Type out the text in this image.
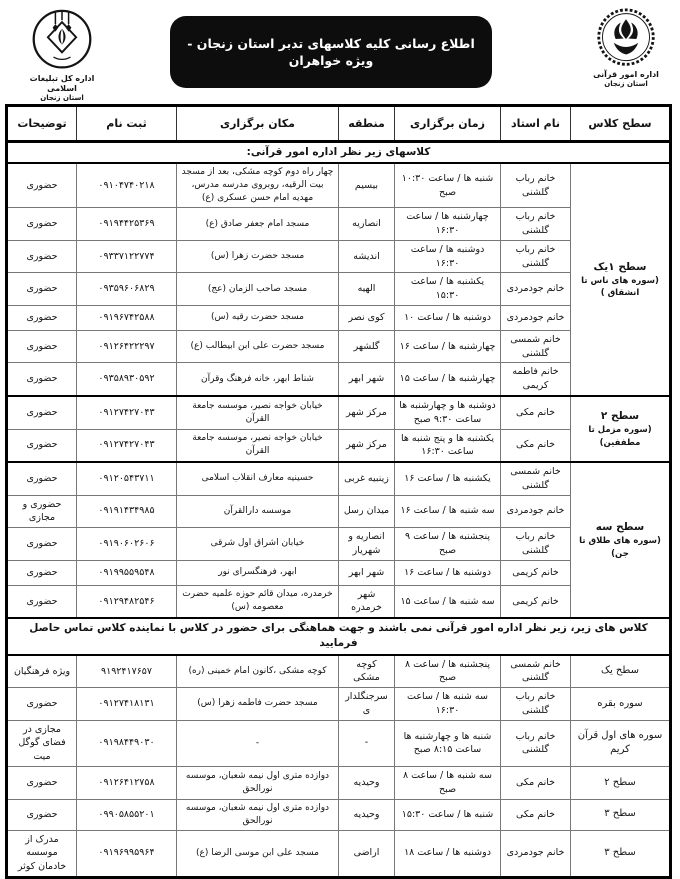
اداره امور قرآنی
استان زنجان
اطلاع رسانی کلیه کلاسهای تدبر استان زنجان - ویژه خواهران
اداره کل تبلیغات اسلامی
استان زنجان
سطح کلاس	نام استاد	زمان برگزاری	منطقه	مکان برگزاری	ثبت نام	توضیحات
کلاسهای زیر نظر اداره امور قرآنی:						

سطح ۱یک
(سوره های ناس تا انشقاق )	خانم رباب گلشنی	شنبه ها / ساعت ۱۰:۳۰ صبح	بیسیم	چهار راه دوم کوچه مشکی، بعد از مسجد بیت الرقیه، روبروی مدرسه مدرس، مهدیه امام حسن عسکری (ع)	۰۹۱۰۴۷۴۰۲۱۸	حضوری
	خانم رباب گلشنی	چهارشنبه ها / ساعت ۱۶:۳۰	انصاریه	مسجد امام جعفر صادق (ع)	۰۹۱۹۴۴۲۵۳۶۹	حضوری
	خانم رباب گلشنی	دوشنبه ها / ساعت ۱۶:۳۰	اندیشه	مسجد حضرت زهرا (س)	۰۹۳۳۷۱۲۲۷۷۴	حضوری
	خانم جودمردی	یکشنبه ها / ساعت ۱۵:۳۰	الهیه	مسجد صاحب الزمان (عج)	۰۹۳۵۹۶۰۶۸۲۹	حضوری
	خانم جودمردی	دوشنبه ها / ساعت ۱۰	کوی نصر	مسجد حضرت رقیه (س)	۰۹۱۹۶۷۴۲۵۸۸	حضوری
	خانم شمسی گلشنی	چهارشنبه ها / ساعت ۱۶	گلشهر	مسجد حضرت علی ابن ابیطالب (ع)	۰۹۱۲۶۴۲۲۲۹۷	حضوری
	خانم فاطمه کریمی	چهارشنبه ها / ساعت ۱۵	شهر ابهر	شناط ابهر، خانه فرهنگ وقرآن	۰۹۳۵۸۹۳۰۵۹۲	حضوری

سطح ۲
(سوره مزمل تا مطففین)	خانم مکی	دوشنبه ها و چهارشنبه ها ساعت ۹:۳۰ صبح	مرکز شهر	خیابان خواجه نصیر، موسسه جامعة القرآن	۰۹۱۲۷۴۲۷۰۴۳	حضوری
	خانم مکی	یکشنبه ها و پنج شنبه ها ساعت ۱۶:۳۰	مرکز شهر	خیابان خواجه نصیر، موسسه جامعة القرآن	۰۹۱۲۷۴۲۷۰۴۳	حضوری

سطح سه
(سوره های طلاق تا جن)	خانم شمسی گلشنی	یکشنبه ها / ساعت ۱۶	زینبیه غربی	حسینیه معارف انقلاب اسلامی	۰۹۱۲۰۵۴۳۷۱۱	حضوری
	خانم جودمردی	سه شنبه ها / ساعت ۱۶	میدان رسل	موسسه دارالقرآن	۰۹۱۹۱۴۳۴۹۸۵	حضوری و مجازی
	خانم رباب گلشنی	پنجشنبه ها / ساعت ۹ صبح	انصاریه و شهریار	خیابان اشراق اول شرقی	۰۹۱۹۰۶۰۲۶۰۶	حضوری
	خانم کریمی	دوشنبه ها / ساعت ۱۶	شهر ابهر	ابهر، فرهنگسرای نور	۰۹۱۹۹۵۵۹۵۴۸	حضوری
	خانم کریمی	سه شنبه ها / ساعت ۱۵	شهر خرمدره	خرمدره، میدان قائم حوزه علمیه حضرت معصومه (س)	۰۹۱۲۹۴۸۲۵۴۶	حضوری
کلاس های زیر، زیر نظر اداره امور قرآنی نمی باشند و جهت هماهنگی برای حضور در کلاس با نماینده کلاس تماس حاصل فرمایید						
سطح یک	خانم شمسی گلشنی	پنجشنبه ها / ساعت ۸ صبح	کوچه مشکی	کوچه مشکی ،کانون امام خمینی (ره)	۹۱۹۲۴۱۷۶۵۷	ویژه فرهنگیان
سوره بقره	خانم رباب گلشنی	سه شنبه ها / ساعت ۱۶:۳۰	سرجنگلداری	مسجد حضرت فاطمه زهرا (س)	۰۹۱۲۷۴۱۸۱۳۱	حضوری
سوره های اول قرآن کریم	خانم رباب گلشنی	شنبه ها و چهارشنبه ها ساعت ۸:۱۵ صبح	-	-	۰۹۱۹۸۴۴۹۰۳۰	مجازی در فضای گوگل میت
سطح ۲	خانم مکی	سه شنبه ها / ساعت ۸ صبح	وحیدیه	دوازده متری اول نیمه شعبان، موسسه نورالحق	۰۹۱۲۶۴۱۲۷۵۸	حضوری
سطح ۳	خانم مکی	شنبه ها / ساعت ۱۵:۳۰	وحیدیه	دوازده متری اول نیمه شعبان، موسسه نورالحق	۰۹۹۰۵۸۵۵۲۰۱	حضوری
سطح ۳	خانم جودمردی	دوشنبه ها / ساعت ۱۸	اراضی	مسجد علی ابن موسی الرضا (ع)	۰۹۱۹۶۹۹۵۹۶۴	مدرک از موسسه خادمان کوثر
